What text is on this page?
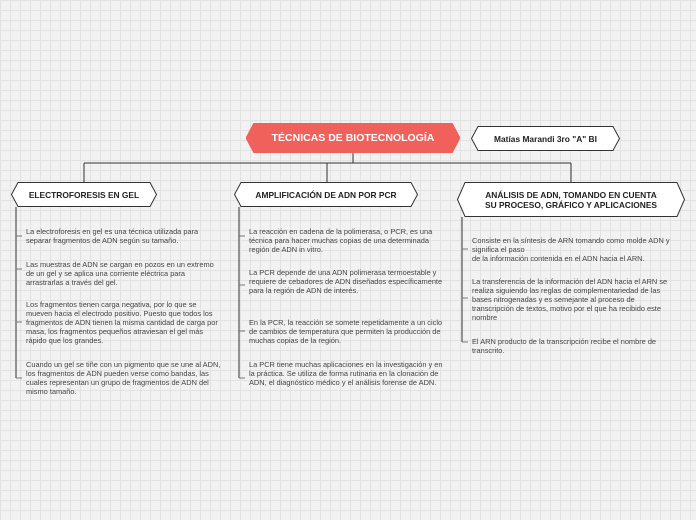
TÉCNICAS DE BIOTECNOLOGÍA	Matías Marandi 3ro "A" BI
ELECTROFORESIS EN GEL	AMPLIFICACIÓN DE ADN POR PCR	ANÁLISIS DE ADN, TOMANDO EN CUENTA
SU PROCESO, GRÁFICO Y APLICACIONES
La electroforesis en gel es una técnica utilizada para separar fragmentos de ADN según su tamaño.
Las muestras de ADN se cargan en pozos en un extremo de un gel y se aplica una corriente eléctrica para arrastrarlas a través del gel.
Los fragmentos tienen carga negativa, por lo que se mueven hacia el electrodo positivo. Puesto que todos los fragmentos de ADN tienen la misma cantidad de carga por masa, los fragmentos pequeños atraviesan el gel más rápido que los grandes.
Cuando un gel se tiñe con un pigmento que se une al ADN, los fragmentos de ADN pueden verse como bandas, las cuales representan un grupo de fragmentos de ADN del mismo tamaño.
La reacción en cadena de la polimerasa, o PCR, es una técnica para hacer muchas copias de una determinada región de ADN in vitro.
La PCR depende de una ADN polimerasa termoestable y requiere de cebadores de ADN diseñados específicamente para la región de ADN de interés.
En la PCR, la reacción se somete repetidamente a un ciclo de cambios de temperatura que permiten la producción de muchas copias de la región.
La PCR tiene muchas aplicaciones en la investigación y en la práctica. Se utiliza de forma rutinaria en la clonación de ADN, el diagnóstico médico y el análisis forense de ADN.
Consiste en la síntesis de ARN tomando como molde ADN y significa el paso
de la información contenida en el ADN hacia el ARN.
La transferencia de la información del ADN hacia el ARN se realiza siguiendo las reglas de complementariedad de las bases nitrogenadas y es semejante al proceso de transcripción de textos, motivo por el que ha recibido este nombre
El ARN producto de la transcripción recibe el nombre de transcrito.
